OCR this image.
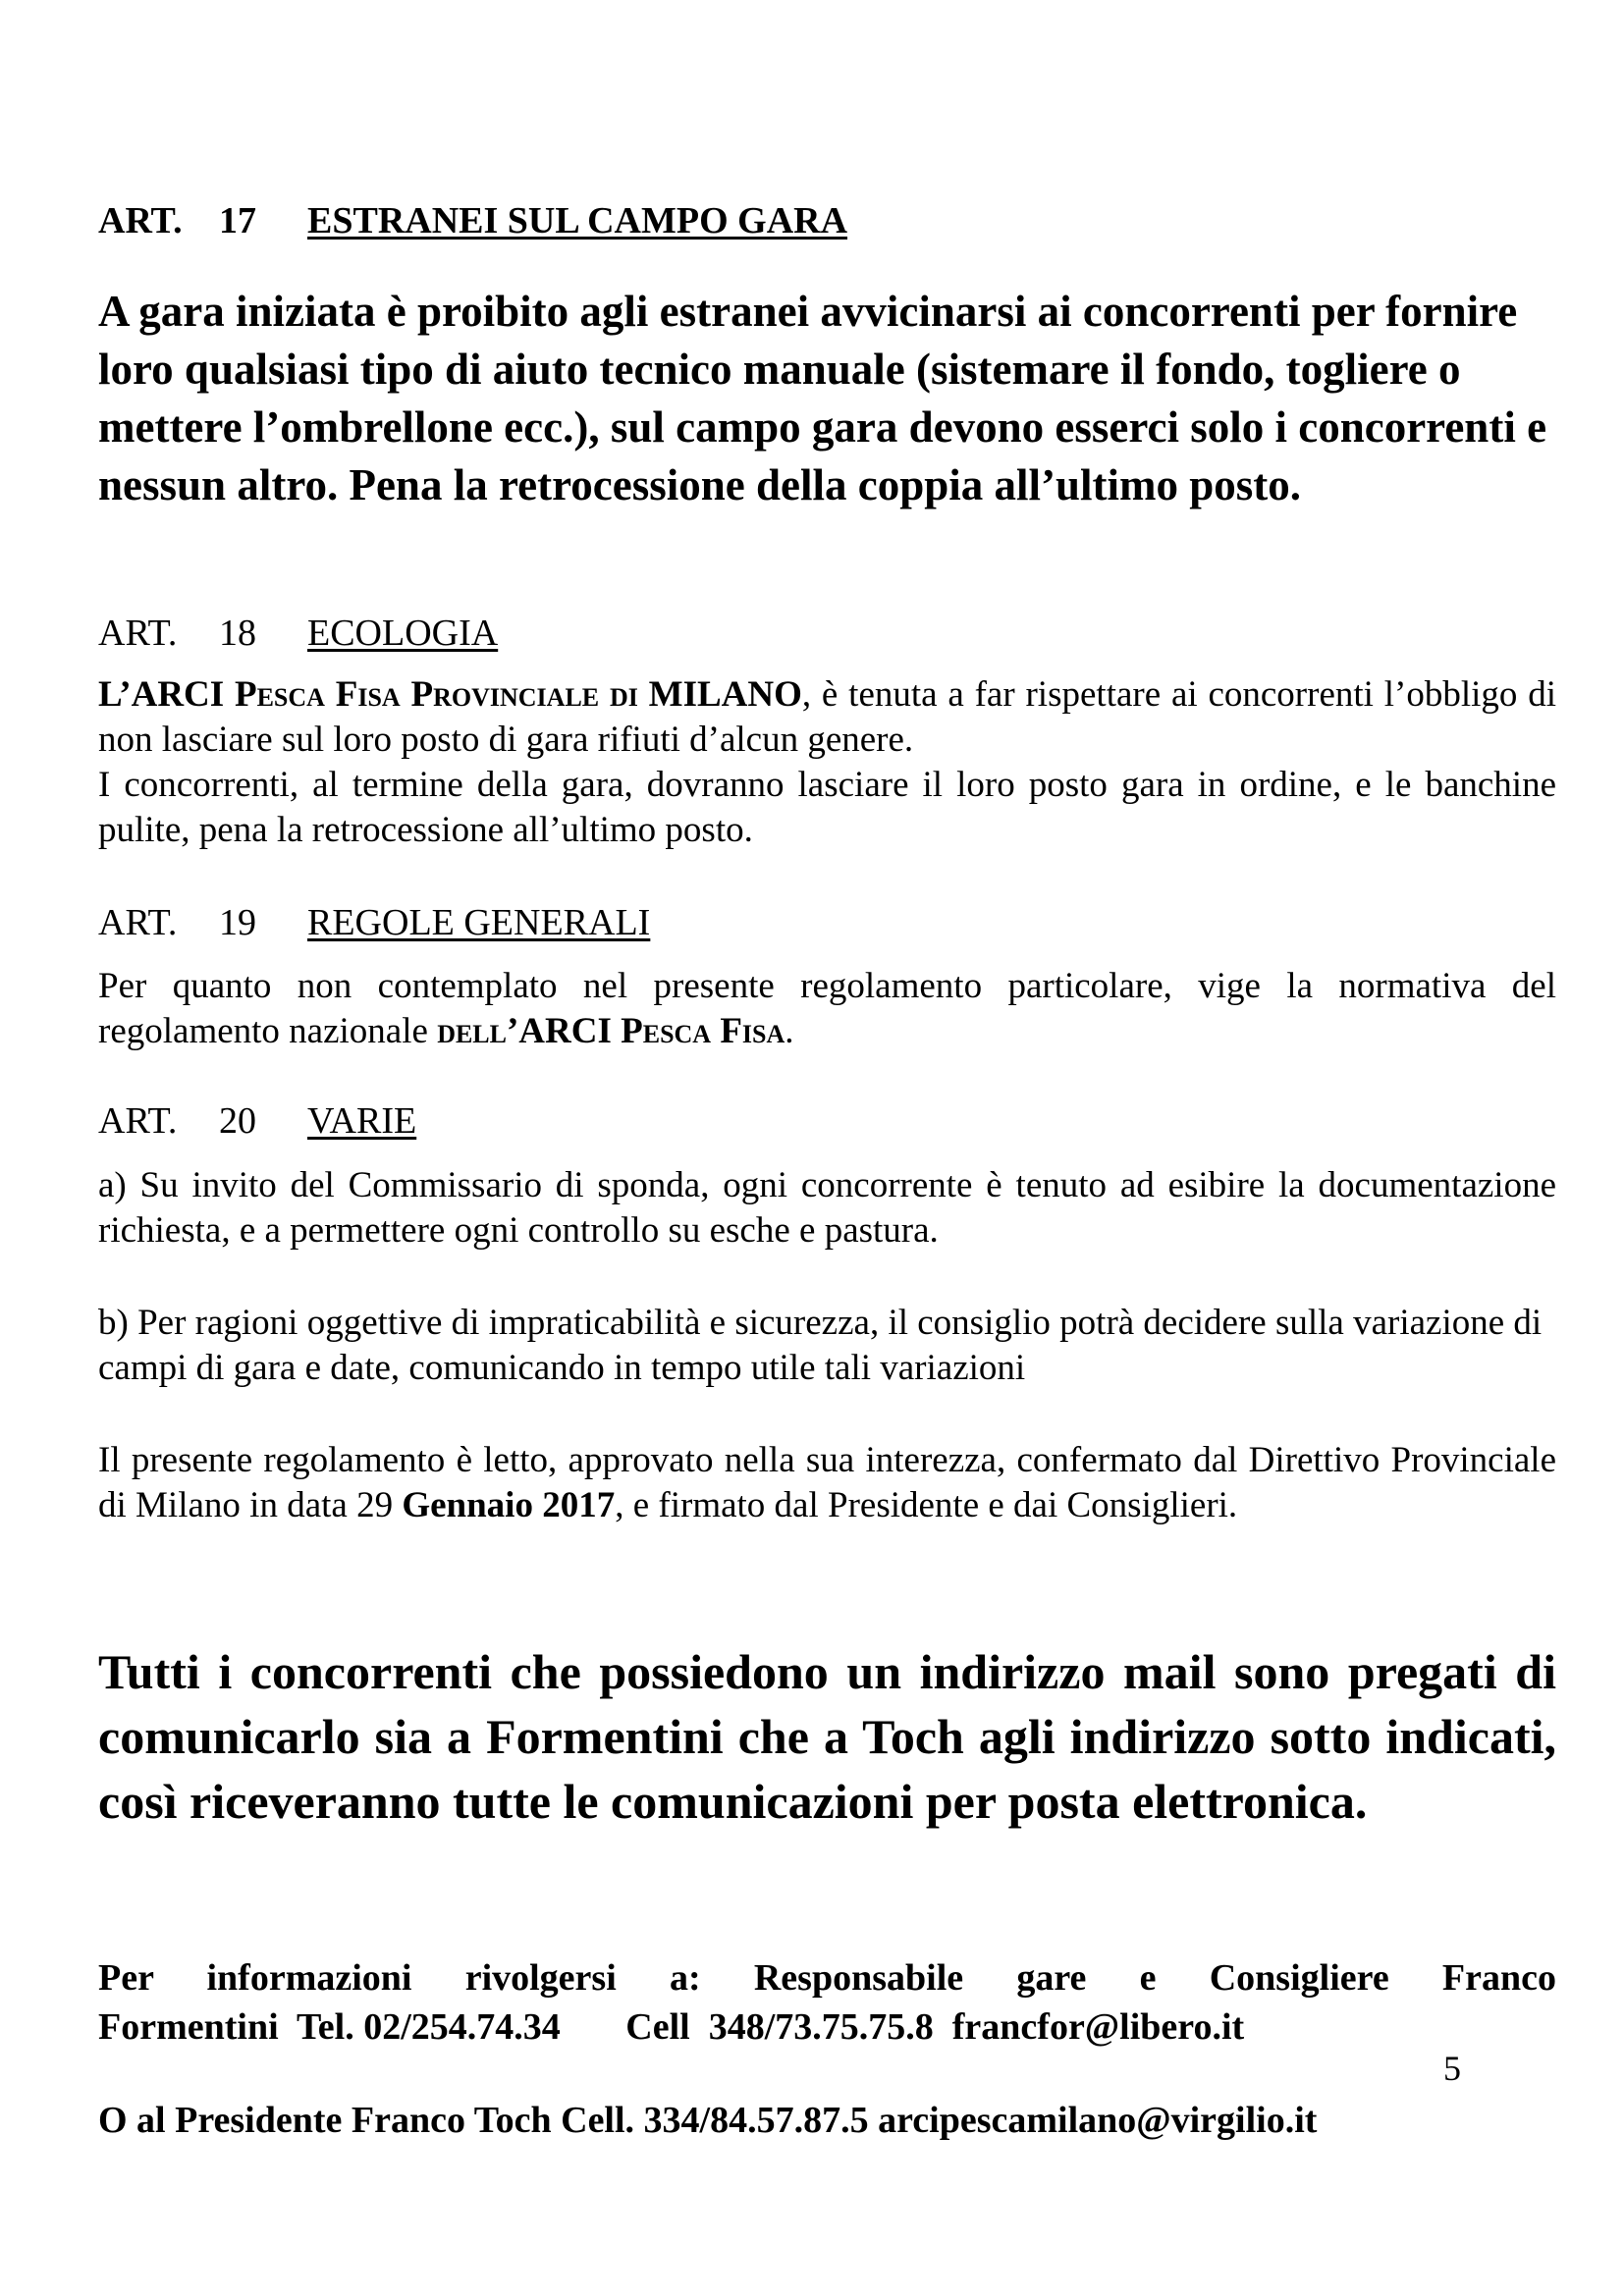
ART. 17 ESTRANEI SUL CAMPO GARA

A gara iniziata è proibito agli estranei avvicinarsi ai concorrenti per fornire loro qualsiasi tipo di aiuto tecnico manuale (sistemare il fondo, togliere o mettere l’ombrellone ecc.), sul campo gara devono esserci solo i concorrenti e nessun altro. Pena la retrocessione della coppia all’ultimo posto.

ART. 18 ECOLOGIA

L’ARCI Pesca Fisa Provinciale di MILANO, è tenuta a far rispettare ai concorrenti l’obbligo di non lasciare sul loro posto di gara rifiuti d’alcun genere.
I concorrenti, al termine della gara, dovranno lasciare il loro posto gara in ordine, e le banchine pulite, pena la retrocessione all’ultimo posto.

ART. 19 REGOLE GENERALI

Per quanto non contemplato nel presente regolamento particolare, vige la normativa del regolamento nazionale dell’ARCI Pesca Fisa.

ART. 20 VARIE

a) Su invito del Commissario di sponda, ogni concorrente è tenuto ad esibire la documentazione richiesta, e a permettere ogni controllo su esche e pastura.

b) Per ragioni oggettive di impraticabilità e sicurezza, il consiglio potrà decidere sulla variazione di campi di gara e date, comunicando in tempo utile tali variazioni

Il presente regolamento è letto, approvato nella sua interezza, confermato dal Direttivo Provinciale di Milano in data 29 Gennaio 2017, e firmato dal Presidente e dai Consiglieri.

Tutti i concorrenti che possiedono un indirizzo mail sono pregati di comunicarlo sia a Formentini che a Toch agli indirizzo sotto indicati, così riceveranno tutte le comunicazioni per posta elettronica.

Per informazioni rivolgersi a: Responsabile gare e Consigliere Franco
Formentini  Tel. 02/254.74.34       Cell  348/73.75.75.8  francfor@libero.it

O al Presidente Franco Toch Cell. 334/84.57.87.5 arcipescamilano@virgilio.it

5
